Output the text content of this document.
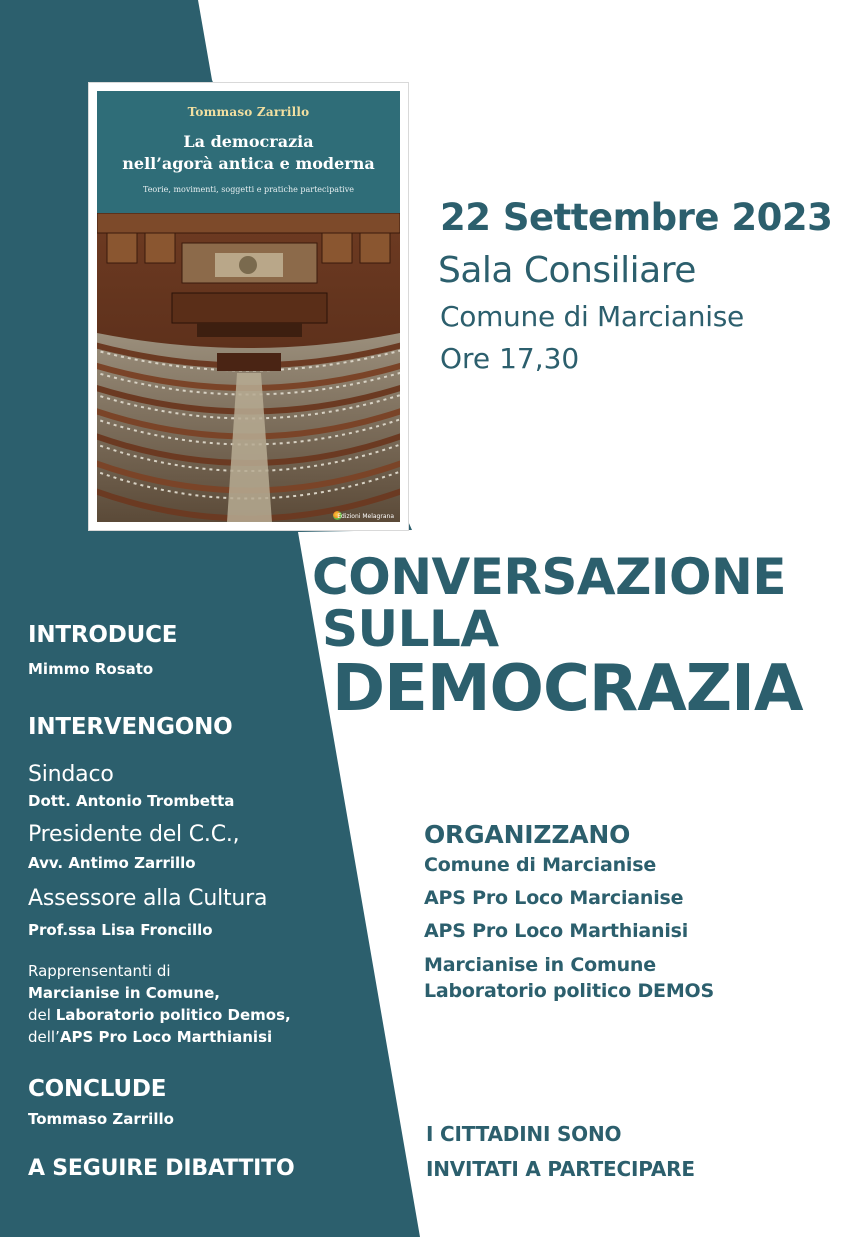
Tommaso Zarrillo
La democrazia
nell’agorà antica e moderna
Teorie, movimenti, soggetti e pratiche partecipative
Edizioni Melagrana
22 Settembre 2023
Sala Consiliare
Comune di Marcianise
Ore 17,30
CONVERSAZIONE
SULLA
DEMOCRAZIA
INTRODUCE
Mimmo Rosato
INTERVENGONO
Sindaco
Dott. Antonio Trombetta
Presidente del C.C.,
Avv. Antimo Zarrillo
Assessore alla Cultura
Prof.ssa Lisa Froncillo
Rapprensentanti di
Marcianise in Comune,
del Laboratorio politico Demos,
dell’APS Pro Loco Marthianisi
CONCLUDE
Tommaso Zarrillo
A SEGUIRE DIBATTITO
ORGANIZZANO
Comune di Marcianise
APS Pro Loco Marcianise
APS Pro Loco Marthianisi
Marcianise in Comune
Laboratorio politico DEMOS
I CITTADINI SONO
INVITATI A PARTECIPARE
